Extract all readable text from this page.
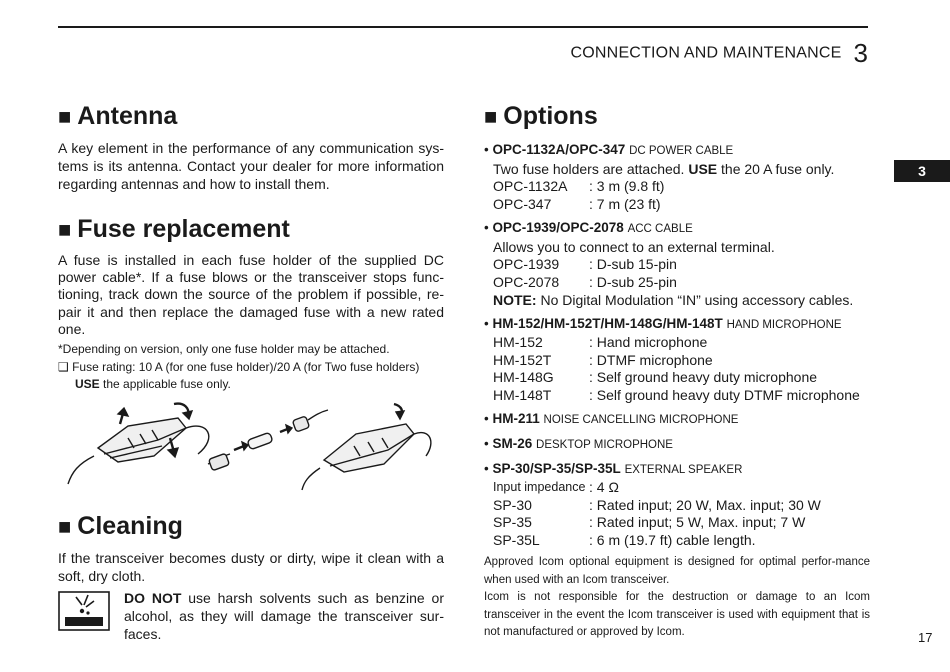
CONNECTION AND MAINTENANCE 3
3
17
■ Antenna

A key element in the performance of any communication sys-tems is its antenna. Contact your dealer for more information regarding antennas and how to install them.

■ Fuse replacement

A fuse is installed in each fuse holder of the supplied DC power cable*. If a fuse blows or the transceiver stops func-tioning, track down the source of the problem if possible, re-pair it and then replace the damaged fuse with a new rated one.

*Depending on version, only one fuse holder may be attached.

❑ Fuse rating: 10 A (for one fuse holder)/20 A (for Two fuse holders)

USE the applicable fuse only.

■ Cleaning

If the transceiver becomes dusty or dirty, wipe it clean with a soft, dry cloth.

DO NOT use harsh solvents such as benzine or alcohol, as they will damage the transceiver sur-faces.

■ Options
• OPC-1132A/OPC-347 DC POWER CABLE
Two fuse holders are attached. USE the 20 A fuse only.
OPC-1132A	: 3 m (9.8 ft)
OPC-347	: 7 m (23 ft)
• OPC-1939/OPC-2078 ACC CABLE
Allows you to connect to an external terminal.
OPC-1939	: D-sub 15-pin
OPC-2078	: D-sub 25-pin
NOTE: No Digital Modulation “IN” using accessory cables.
• HM-152/HM-152T/HM-148G/HM-148T HAND MICROPHONE
HM-152	: Hand microphone
HM-152T	: DTMF microphone
HM-148G	: Self ground heavy duty microphone
HM-148T	: Self ground heavy duty DTMF microphone
• HM-211 NOISE CANCELLING MICROPHONE
• SM-26 DESKTOP MICROPHONE
• SP-30/SP-35/SP-35L EXTERNAL SPEAKER
Input impedance : 4 Ω
SP-30	: Rated input; 20 W, Max. input; 30 W
SP-35	: Rated input; 5 W, Max. input; 7 W
SP-35L	: 6 m (19.7 ft) cable length.

Approved Icom optional equipment is designed for optimal perfor-mance when used with an Icom transceiver.

Icom is not responsible for the destruction or damage to an Icom transceiver in the event the Icom transceiver is used with equipment that is not manufactured or approved by Icom.
